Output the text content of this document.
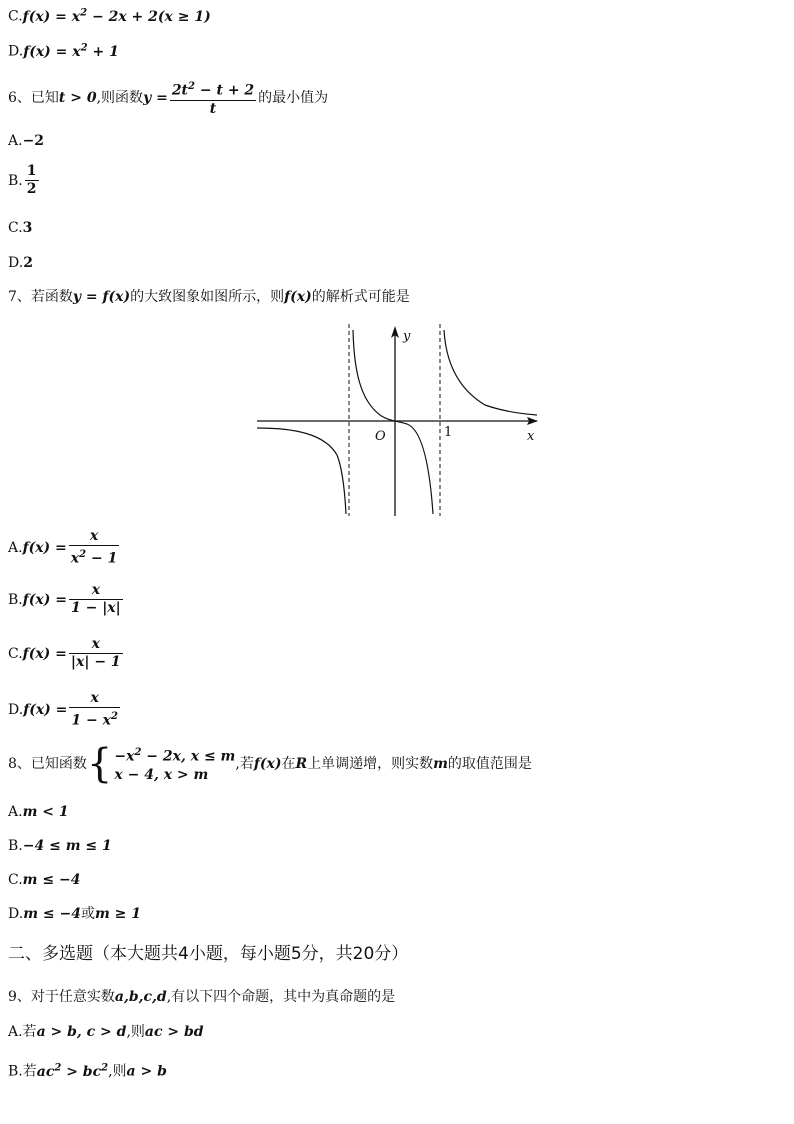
$C.f(x) = x^2 - 2x + 2(x \ge 1)$
$D.f(x) = x^2 + 1$
6、已知 t > 0 ,则函数 $y = \frac{2t^2 - t + 2}{t}$ 的最小值为
A.−2
B. $\frac{1}{2}$
C.3
D.2
7、若函数y = f(x)的大致图象如图所示，则f(x)的解析式可能是
y
x
O	1
A. $f(x) = \frac{x}{x^2 - 1}$
B. $f(x) = \frac{x}{1 - |x|}$
C. $f(x) = \frac{x}{|x| - 1}$
D. $f(x) = \frac{x}{1 - x^2}$
8、已知函数 { $-x^2 - 2x$, x ≤ m
x − 4, x > m
,若 f(x) 在 R 上单调递增，则实数 m 的取值范围是
A.m < 1
B.−4 ≤ m ≤ 1
C.m ≤ −4
D.m ≤ −4或m ≥ 1
二、多选题（本大题共4小题，每小题5分，共20分）
9、对于任意实数a,b,c,d,有以下四个命题，其中为真命题的是
A.若a > b, c > d,则ac > bd
B.若$ac^2 > bc^2$,则a > b
